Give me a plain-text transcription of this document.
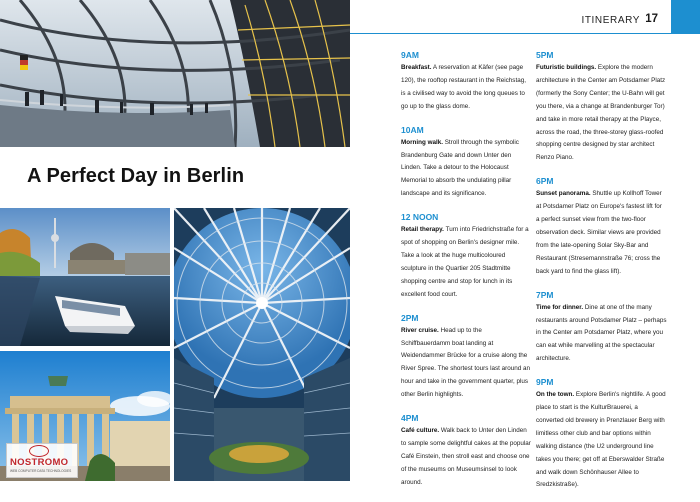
ITINERARY 17
A Perfect Day in Berlin
9AM

Breakfast. A reservation at Käfer (see page 120), the rooftop restaurant in the Reichstag, is a civilised way to avoid the long queues to go up to the glass dome.

10AM

Morning walk. Stroll through the symbolic Brandenburg Gate and down Unter den Linden. Take a detour to the Holocaust Memorial to absorb the undulating pillar landscape and its significance.

12 NOON

Retail therapy. Turn into Friedrichstraße for a spot of shopping on Berlin's designer mile. Take a look at the huge multicoloured sculpture in the Quartier 205 Stadtmitte shopping centre and stop for lunch in its excellent food court.

2PM

River cruise. Head up to the Schiffbauerdamm boat landing at Weidendammer Brücke for a cruise along the River Spree. The shortest tours last around an hour and take in the government quarter, plus other Berlin highlights.

4PM

Café culture. Walk back to Unter den Linden to sample some delightful cakes at the popular Café Einstein, then stroll east and choose one of the museums on Museumsinsel to look around.

5PM

Futuristic buildings. Explore the modern architecture in the Center am Potsdamer Platz (formerly the Sony Center; the U-Bahn will get you there, via a change at Brandenburger Tor) and take in more retail therapy at the Playce, across the road, the three-storey glass-roofed shopping centre designed by star architect Renzo Piano.

6PM

Sunset panorama. Shuttle up Kollhoff Tower at Potsdamer Platz on Europe's fastest lift for a perfect sunset view from the two-floor observation deck. Similar views are provided from the late-opening Solar Sky-Bar and Restaurant (Stresemannstraße 76; cross the back yard to find the glass lift).

7PM

Time for dinner. Dine at one of the many restaurants around Potsdamer Platz – perhaps in the Center am Potsdamer Platz, where you can eat while marvelling at the spectacular architecture.

9PM

On the town. Explore Berlin's nightlife. A good place to start is the KulturBrauerei, a converted old brewery in Prenzlauer Berg with limitless other club and bar options within walking distance (the U2 underground line takes you there; get off at Eberswalder Straße and walk down Schönhauser Allee to Sredzkistraße).

NOSTROMO
WEB COMPUTER DATA TECHNOLOGIES
